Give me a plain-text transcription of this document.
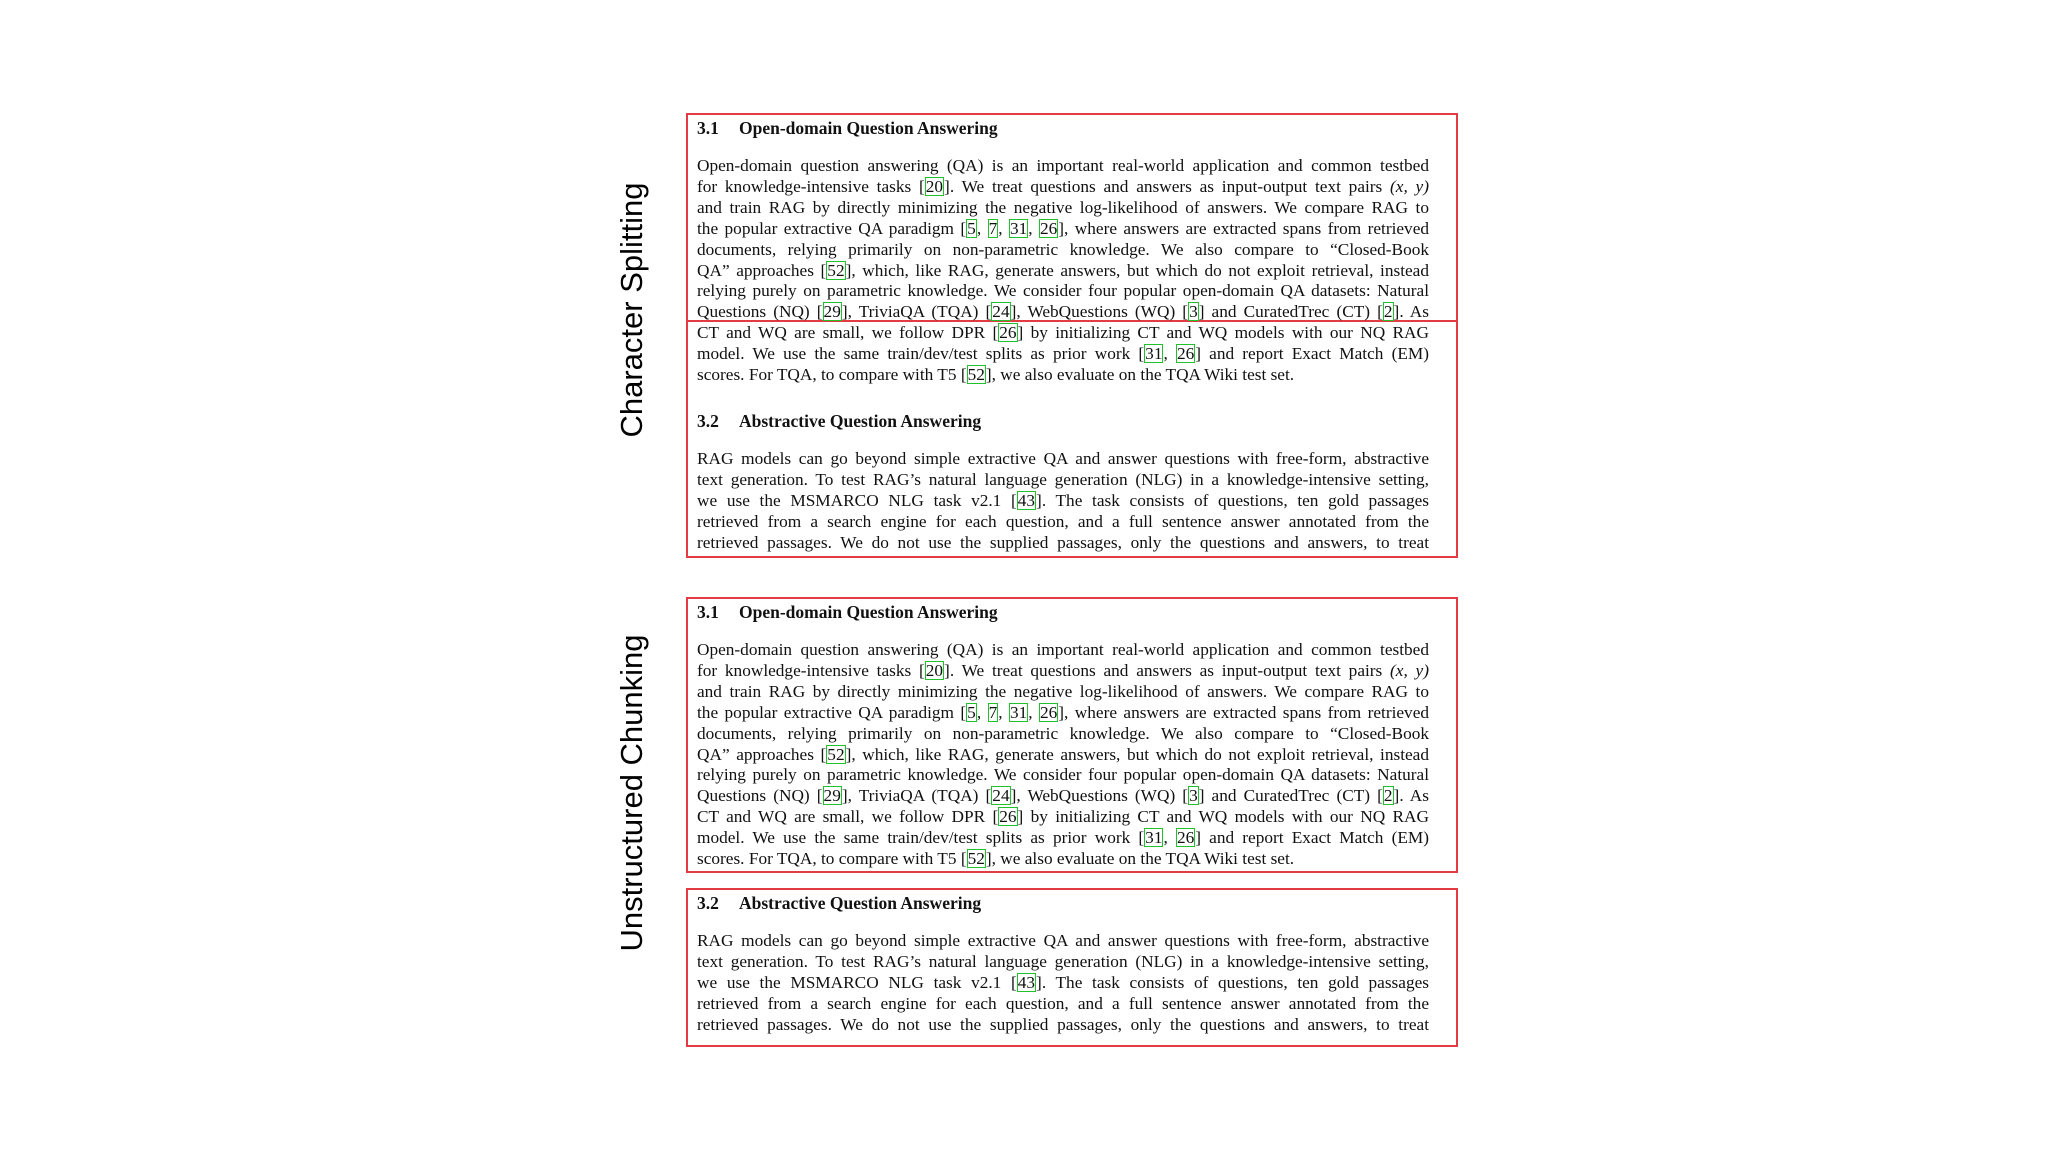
Character Splitting
Unstructured Chunking
3.1 Open-domain Question Answering
Open-domain question answering (QA) is an important real-world application and common testbed
for knowledge-intensive tasks [20]. We treat questions and answers as input-output text pairs (x, y)
and train RAG by directly minimizing the negative log-likelihood of answers. We compare RAG to
the popular extractive QA paradigm [5, 7, 31, 26], where answers are extracted spans from retrieved
documents, relying primarily on non-parametric knowledge. We also compare to “Closed-Book
QA” approaches [52], which, like RAG, generate answers, but which do not exploit retrieval, instead
relying purely on parametric knowledge. We consider four popular open-domain QA datasets: Natural
Questions (NQ) [29], TriviaQA (TQA) [24], WebQuestions (WQ) [3] and CuratedTrec (CT) [2]. As
CT and WQ are small, we follow DPR [26] by initializing CT and WQ models with our NQ RAG
model. We use the same train/dev/test splits as prior work [31, 26] and report Exact Match (EM)
scores. For TQA, to compare with T5 [52], we also evaluate on the TQA Wiki test set.
3.2 Abstractive Question Answering
RAG models can go beyond simple extractive QA and answer questions with free-form, abstractive
text generation. To test RAG’s natural language generation (NLG) in a knowledge-intensive setting,
we use the MSMARCO NLG task v2.1 [43]. The task consists of questions, ten gold passages
retrieved from a search engine for each question, and a full sentence answer annotated from the
retrieved passages. We do not use the supplied passages, only the questions and answers, to treat
3.1 Open-domain Question Answering
Open-domain question answering (QA) is an important real-world application and common testbed
for knowledge-intensive tasks [20]. We treat questions and answers as input-output text pairs (x, y)
and train RAG by directly minimizing the negative log-likelihood of answers. We compare RAG to
the popular extractive QA paradigm [5, 7, 31, 26], where answers are extracted spans from retrieved
documents, relying primarily on non-parametric knowledge. We also compare to “Closed-Book
QA” approaches [52], which, like RAG, generate answers, but which do not exploit retrieval, instead
relying purely on parametric knowledge. We consider four popular open-domain QA datasets: Natural
Questions (NQ) [29], TriviaQA (TQA) [24], WebQuestions (WQ) [3] and CuratedTrec (CT) [2]. As
CT and WQ are small, we follow DPR [26] by initializing CT and WQ models with our NQ RAG
model. We use the same train/dev/test splits as prior work [31, 26] and report Exact Match (EM)
scores. For TQA, to compare with T5 [52], we also evaluate on the TQA Wiki test set.
3.2 Abstractive Question Answering
RAG models can go beyond simple extractive QA and answer questions with free-form, abstractive
text generation. To test RAG’s natural language generation (NLG) in a knowledge-intensive setting,
we use the MSMARCO NLG task v2.1 [43]. The task consists of questions, ten gold passages
retrieved from a search engine for each question, and a full sentence answer annotated from the
retrieved passages. We do not use the supplied passages, only the questions and answers, to treat
